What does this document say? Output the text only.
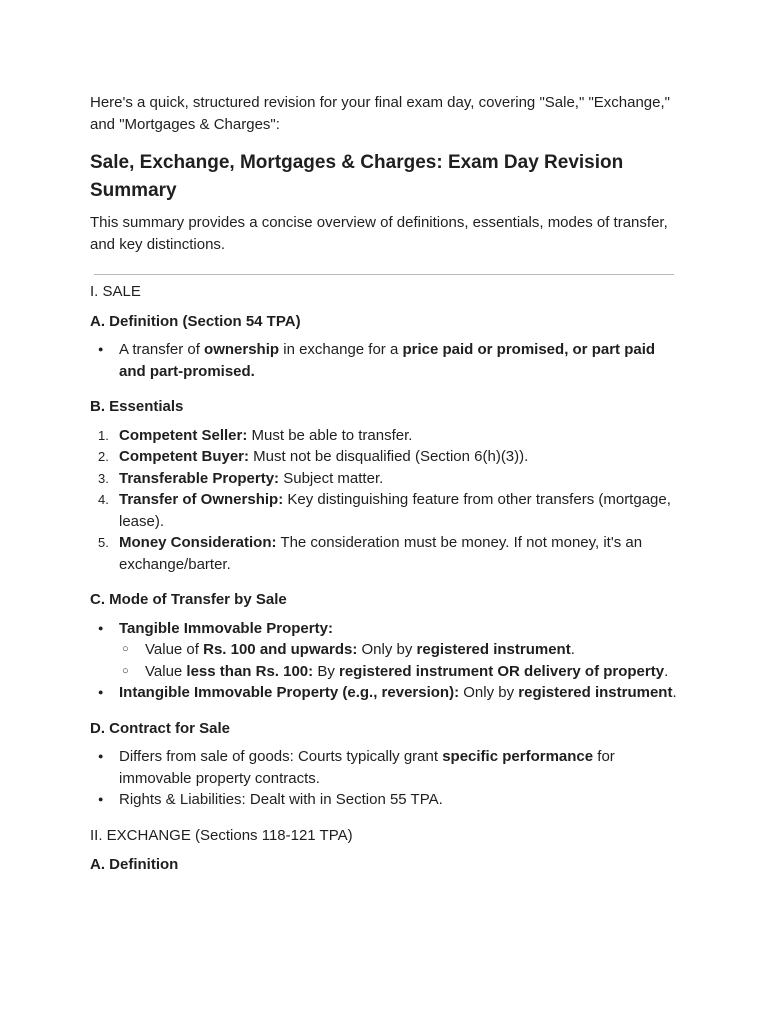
Here's a quick, structured revision for your final exam day, covering "Sale," "Exchange," and "Mortgages & Charges":

Sale, Exchange, Mortgages & Charges: Exam Day Revision Summary

This summary provides a concise overview of definitions, essentials, modes of transfer, and key distinctions.

I. SALE

A. Definition (Section 54 TPA)
● A transfer of ownership in exchange for a price paid or promised, or part paid and part-promised.
B. Essentials
1. Competent Seller: Must be able to transfer.
2. Competent Buyer: Must not be disqualified (Section 6(h)(3)).
3. Transferable Property: Subject matter.
4. Transfer of Ownership: Key distinguishing feature from other transfers (mortgage, lease).
5. Money Consideration: The consideration must be money. If not money, it's an exchange/barter.
C. Mode of Transfer by Sale
● Tangible Immovable Property:
○ Value of Rs. 100 and upwards: Only by registered instrument.
○ Value less than Rs. 100: By registered instrument OR delivery of property.
● Intangible Immovable Property (e.g., reversion): Only by registered instrument.
D. Contract for Sale
● Differs from sale of goods: Courts typically grant specific performance for immovable property contracts.
● Rights & Liabilities: Dealt with in Section 55 TPA.

II. EXCHANGE (Sections 118-121 TPA)

A. Definition
